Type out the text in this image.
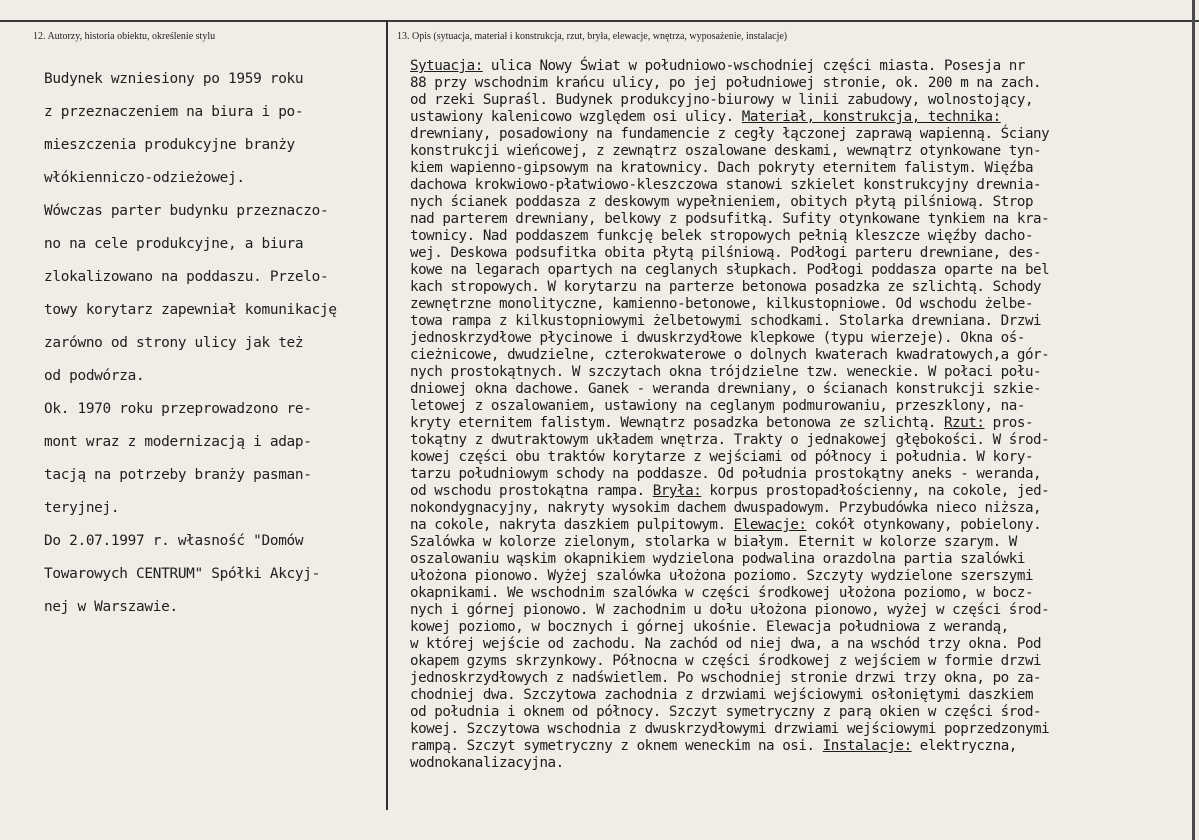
12. Autorzy, historia obiektu, określenie stylu	13. Opis (sytuacja, materiał i konstrukcja, rzut, bryła, elewacje, wnętrza, wyposażenie, instalacje)
Budynek wzniesiony po 1959 roku
z przeznaczeniem na biura i po-
mieszczenia produkcyjne branży
włókienniczo-odzieżowej.
Wówczas parter budynku przeznaczo-
no na cele produkcyjne, a biura
zlokalizowano na poddaszu. Przelo-
towy korytarz zapewniał komunikację
zarówno od strony ulicy jak też
od podwórza.
Ok. 1970 roku przeprowadzono re-
mont wraz z modernizacją i adap-
tacją na potrzeby branży pasman-
teryjnej.
Do 2.07.1997 r. własność "Domów
Towarowych CENTRUM" Spółki Akcyj-
nej w Warszawie.
Sytuacja: ulica Nowy Świat w południowo-wschodniej części miasta. Posesja nr
88 przy wschodnim krańcu ulicy, po jej południowej stronie, ok. 200 m na zach.
od rzeki Supraśl. Budynek produkcyjno-biurowy w linii zabudowy, wolnostojący,
ustawiony kalenicowo względem osi ulicy. Materiał, konstrukcja, technika:
drewniany, posadowiony na fundamencie z cegły łączonej zaprawą wapienną. Ściany
konstrukcji wieńcowej, z zewnątrz oszalowane deskami, wewnątrz otynkowane tyn-
kiem wapienno-gipsowym na kratownicy. Dach pokryty eternitem falistym. Więźba
dachowa krokwiowo-płatwiowo-kleszczowa stanowi szkielet konstrukcyjny drewnia-
nych ścianek poddasza z deskowym wypełnieniem, obitych płytą pilśniową. Strop
nad parterem drewniany, belkowy z podsufitką. Sufity otynkowane tynkiem na kra-
townicy. Nad poddaszem funkcję belek stropowych pełnią kleszcze więźby dacho-
wej. Deskowa podsufitka obita płytą pilśniową. Podłogi parteru drewniane, des-
kowe na legarach opartych na ceglanych słupkach. Podłogi poddasza oparte na bel
kach stropowych. W korytarzu na parterze betonowa posadzka ze szlichtą. Schody
zewnętrzne monolityczne, kamienno-betonowe, kilkustopniowe. Od wschodu żelbe-
towa rampa z kilkustopniowymi żelbetowymi schodkami. Stolarka drewniana. Drzwi
jednoskrzydłowe płycinowe i dwuskrzydłowe klepkowe (typu wierzeje). Okna oś-
cieżnicowe, dwudzielne, czterokwaterowe o dolnych kwaterach kwadratowych,a gór-
nych prostokątnych. W szczytach okna trójdzielne tzw. weneckie. W połaci połu-
dniowej okna dachowe. Ganek - weranda drewniany, o ścianach konstrukcji szkie-
letowej z oszalowaniem, ustawiony na ceglanym podmurowaniu, przeszklony, na-
kryty eternitem falistym. Wewnątrz posadzka betonowa ze szlichtą. Rzut: pros-
tokątny z dwutraktowym układem wnętrza. Trakty o jednakowej głębokości. W środ-
kowej części obu traktów korytarze z wejściami od północy i południa. W kory-
tarzu południowym schody na poddasze. Od południa prostokątny aneks - weranda,
od wschodu prostokątna rampa. Bryła: korpus prostopadłościenny, na cokole, jed-
nokondygnacyjny, nakryty wysokim dachem dwuspadowym. Przybudówka nieco niższa,
na cokole, nakryta daszkiem pulpitowym. Elewacje: cokół otynkowany, pobielony.
Szalówka w kolorze zielonym, stolarka w białym. Eternit w kolorze szarym. W
oszalowaniu wąskim okapnikiem wydzielona podwalina orazdolna partia szalówki
ułożona pionowo. Wyżej szalówka ułożona poziomo. Szczyty wydzielone szerszymi
okapnikami. We wschodnim szalówka w części środkowej ułożona poziomo, w bocz-
nych i górnej pionowo. W zachodnim u dołu ułożona pionowo, wyżej w części środ-
kowej poziomo, w bocznych i górnej ukośnie. Elewacja południowa z werandą,
w której wejście od zachodu. Na zachód od niej dwa, a na wschód trzy okna. Pod
okapem gzyms skrzynkowy. Północna w części środkowej z wejściem w formie drzwi
jednoskrzydłowych z nadświetlem. Po wschodniej stronie drzwi trzy okna, po za-
chodniej dwa. Szczytowa zachodnia z drzwiami wejściowymi osłoniętymi daszkiem
od południa i oknem od północy. Szczyt symetryczny z parą okien w części środ-
kowej. Szczytowa wschodnia z dwuskrzydłowymi drzwiami wejściowymi poprzedzonymi
rampą. Szczyt symetryczny z oknem weneckim na osi. Instalacje: elektryczna,
wodnokanalizacyjna.
